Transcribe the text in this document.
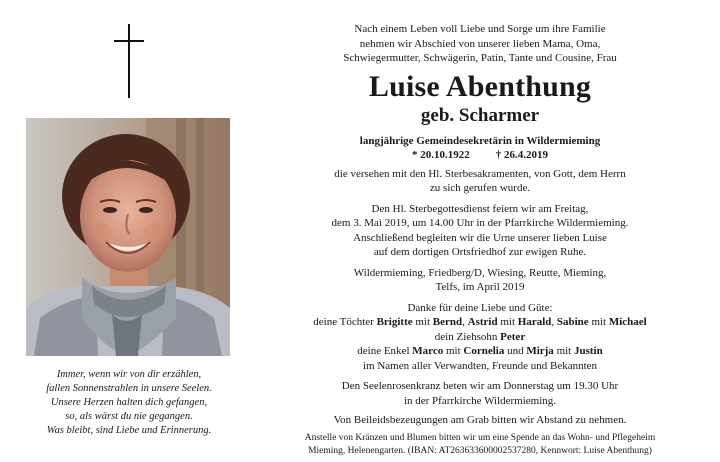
Immer, wenn wir von dir erzählen,
fallen Sonnenstrahlen in unsere Seelen.
Unsere Herzen halten dich gefangen,
so, als wärst du nie gegangen.
Was bleibt, sind Liebe und Erinnerung.
Nach einem Leben voll Liebe und Sorge um ihre Familie
nehmen wir Abschied von unserer lieben Mama, Oma,
Schwiegermutter, Schwägerin, Patin, Tante und Cousine, Frau
Luise Abenthung
geb. Scharmer
langjährige Gemeindesekretärin in Wildermieming
* 20.10.1922 † 26.4.2019
die versehen mit den Hl. Sterbesakramenten, von Gott, dem Herrn
zu sich gerufen wurde.
Den Hl. Sterbegottesdienst feiern wir am Freitag,
dem 3. Mai 2019, um 14.00 Uhr in der Pfarrkirche Wildermieming.
Anschließend begleiten wir die Urne unserer lieben Luise
auf dem dortigen Ortsfriedhof zur ewigen Ruhe.
Wildermieming, Friedberg/D, Wiesing, Reutte, Mieming,
Telfs, im April 2019
Danke für deine Liebe und Güte:
deine Töchter Brigitte mit Bernd, Astrid mit Harald, Sabine mit Michael
dein Ziehsohn Peter
deine Enkel Marco mit Cornelia und Mirja mit Justin
im Namen aller Verwandten, Freunde und Bekannten
Den Seelenrosenkranz beten wir am Donnerstag um 19.30 Uhr
in der Pfarrkirche Wildermieming.
Von Beileidsbezeugungen am Grab bitten wir Abstand zu nehmen.
Anstelle von Kränzen und Blumen bitten wir um eine Spende an das Wohn- und Pflegeheim
Mieming, Helenengarten. (IBAN: AT263633600002537280, Kennwort: Luise Abenthung)
